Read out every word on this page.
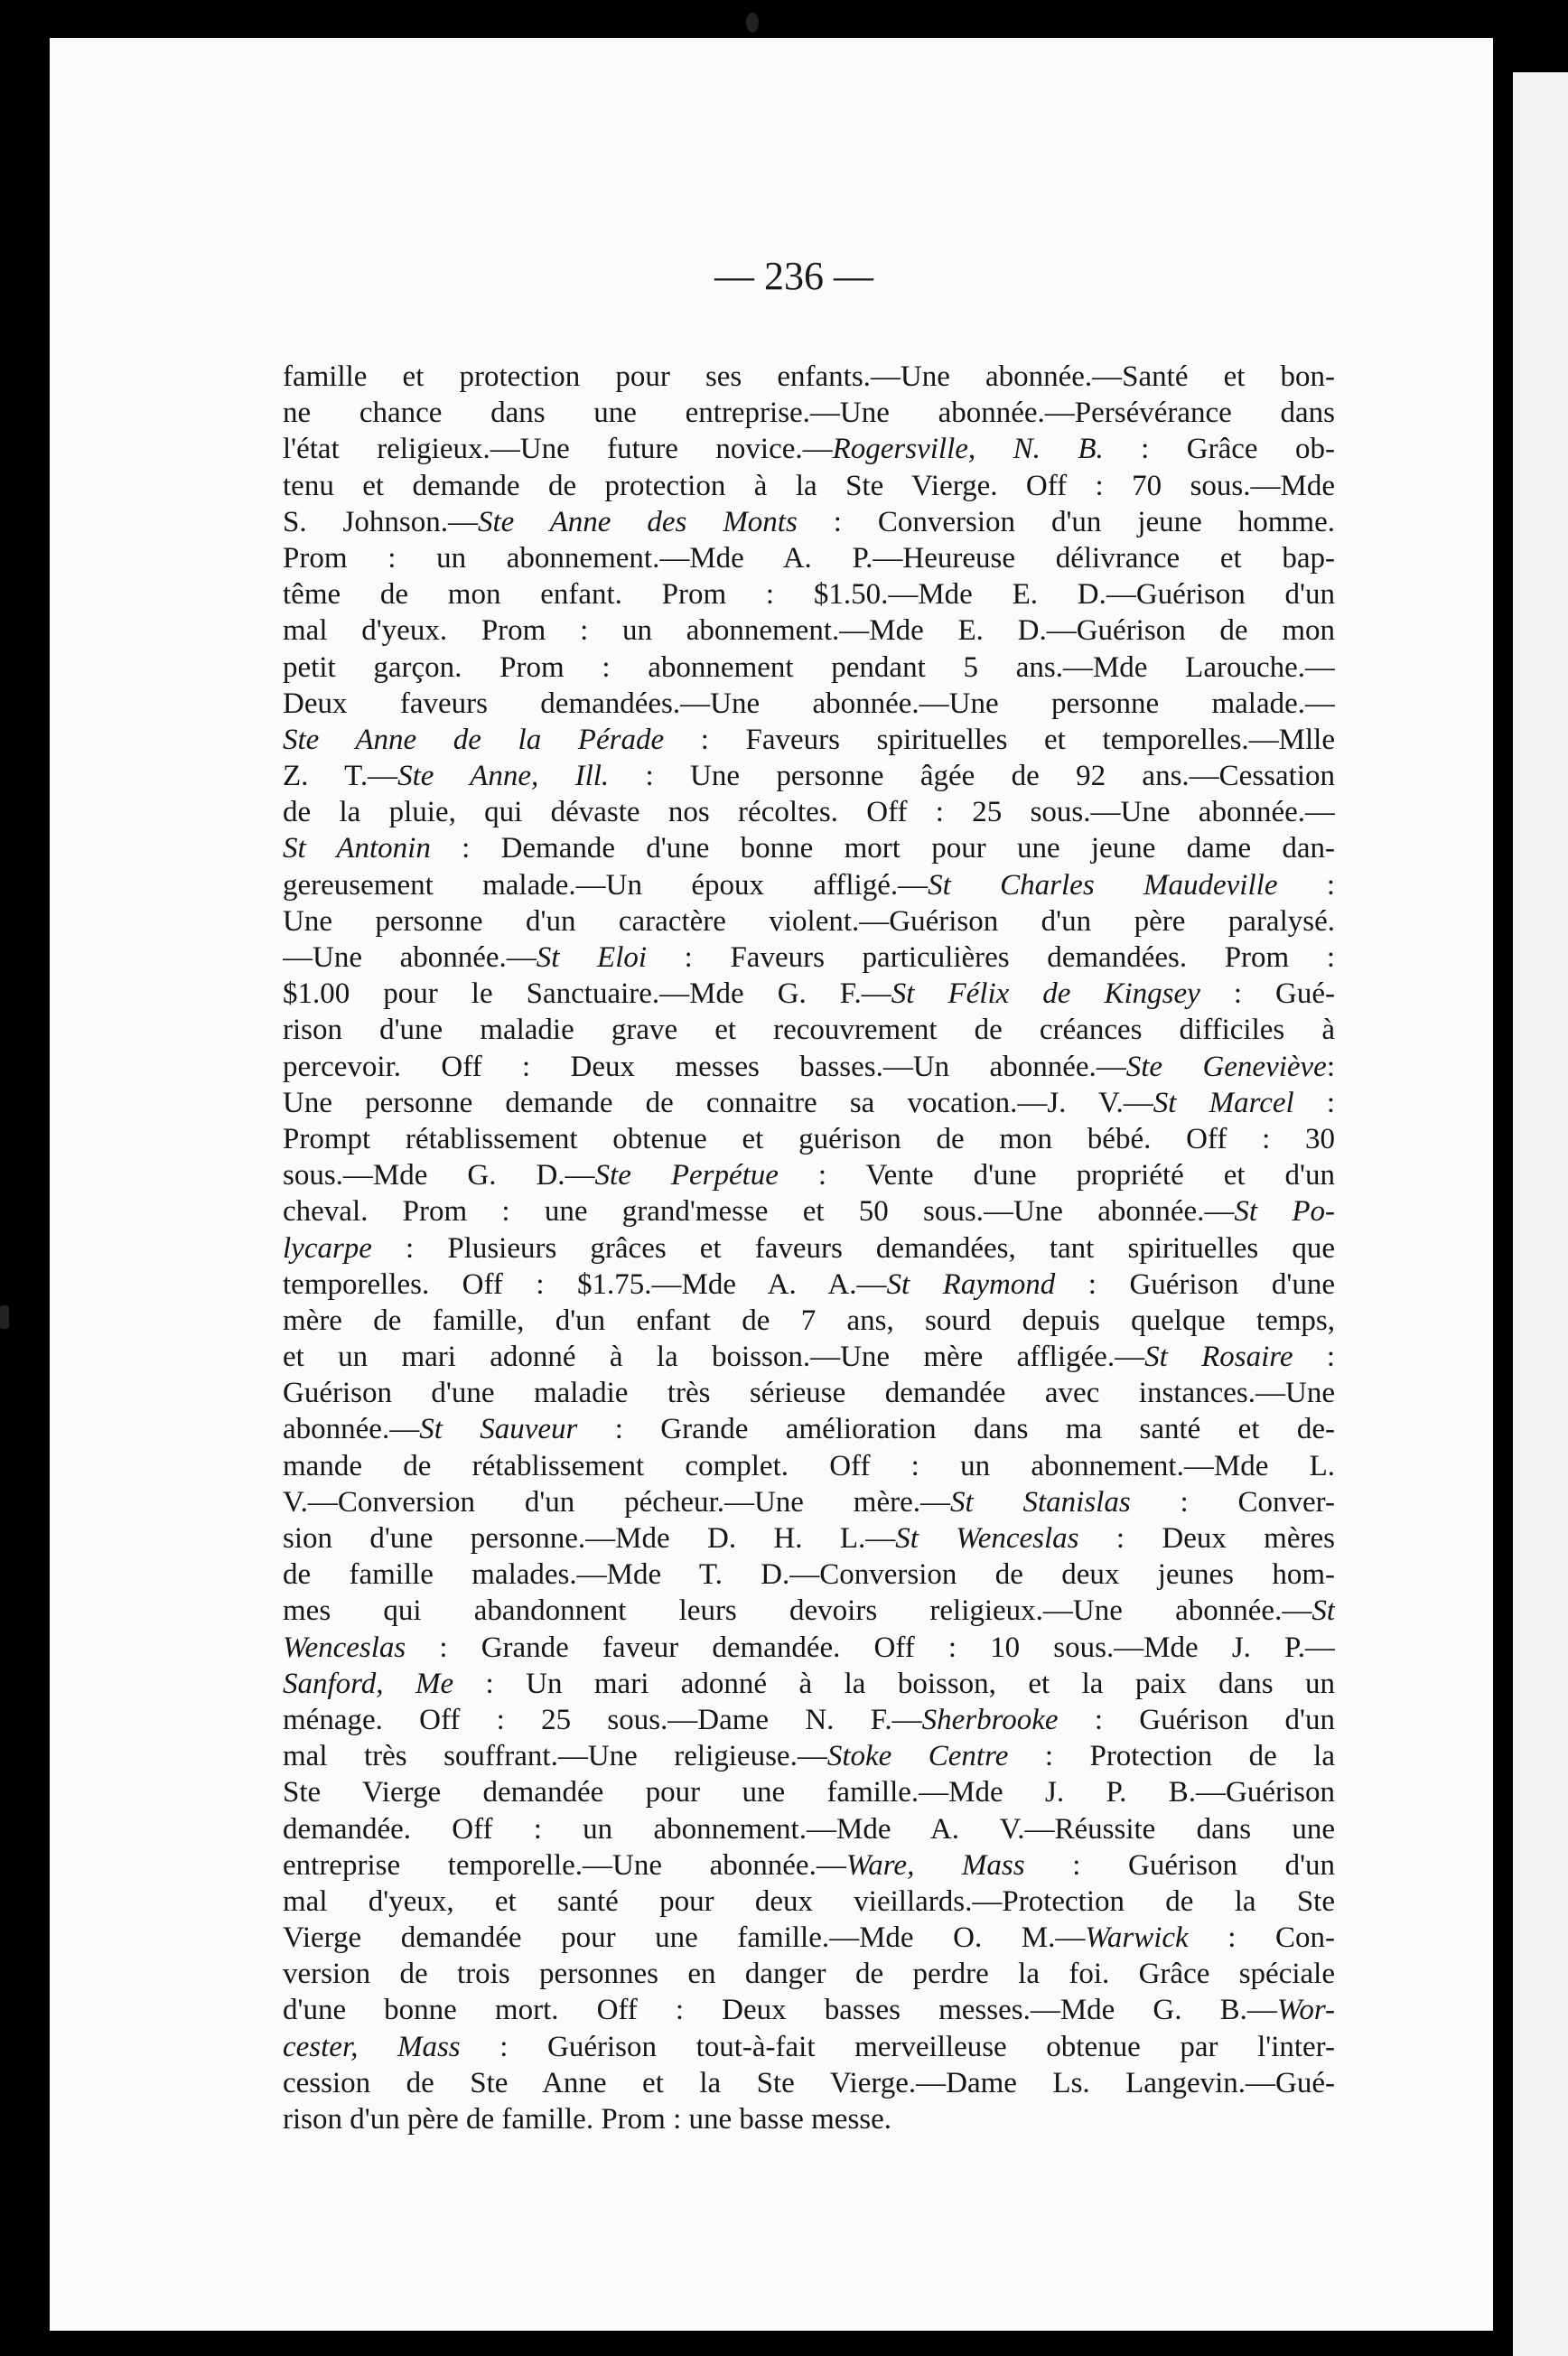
— 236 —
famille et protection pour ses enfants.—Une abonnée.—Santé et bon-
ne chance dans une entreprise.—Une abonnée.—Persévérance dans
l'état religieux.—Une future novice.—Rogersville, N. B. : Grâce ob-
tenu et demande de protection à la Ste Vierge. Off : 70 sous.—Mde
S. Johnson.—Ste Anne des Monts : Conversion d'un jeune homme.
Prom : un abonnement.—Mde A. P.—Heureuse délivrance et bap-
tême de mon enfant. Prom : $1.50.—Mde E. D.—Guérison d'un
mal d'yeux. Prom : un abonnement.—Mde E. D.—Guérison de mon
petit garçon. Prom : abonnement pendant 5 ans.—Mde Larouche.—
Deux faveurs demandées.—Une abonnée.—Une personne malade.—
Ste Anne de la Pérade : Faveurs spirituelles et temporelles.—Mlle
Z. T.—Ste Anne, Ill. : Une personne âgée de 92 ans.—Cessation
de la pluie, qui dévaste nos récoltes. Off : 25 sous.—Une abonnée.—
St Antonin : Demande d'une bonne mort pour une jeune dame dan-
gereusement malade.—Un époux affligé.—St Charles Maudeville :
Une personne d'un caractère violent.—Guérison d'un père paralysé.
—Une abonnée.—St Eloi : Faveurs particulières demandées. Prom :
$1.00 pour le Sanctuaire.—Mde G. F.—St Félix de Kingsey : Gué-
rison d'une maladie grave et recouvrement de créances difficiles à
percevoir. Off : Deux messes basses.—Un abonnée.—Ste Geneviève:
Une personne demande de connaitre sa vocation.—J. V.—St Marcel :
Prompt rétablissement obtenue et guérison de mon bébé. Off : 30
sous.—Mde G. D.—Ste Perpétue : Vente d'une propriété et d'un
cheval. Prom : une grand'messe et 50 sous.—Une abonnée.—St Po-
lycarpe : Plusieurs grâces et faveurs demandées, tant spirituelles que
temporelles. Off : $1.75.—Mde A. A.—St Raymond : Guérison d'une
mère de famille, d'un enfant de 7 ans, sourd depuis quelque temps,
et un mari adonné à la boisson.—Une mère affligée.—St Rosaire :
Guérison d'une maladie très sérieuse demandée avec instances.—Une
abonnée.—St Sauveur : Grande amélioration dans ma santé et de-
mande de rétablissement complet. Off : un abonnement.—Mde L.
V.—Conversion d'un pécheur.—Une mère.—St Stanislas : Conver-
sion d'une personne.—Mde D. H. L.—St Wenceslas : Deux mères
de famille malades.—Mde T. D.—Conversion de deux jeunes hom-
mes qui abandonnent leurs devoirs religieux.—Une abonnée.—St
Wenceslas : Grande faveur demandée. Off : 10 sous.—Mde J. P.—
Sanford, Me : Un mari adonné à la boisson, et la paix dans un
ménage. Off : 25 sous.—Dame N. F.—Sherbrooke : Guérison d'un
mal très souffrant.—Une religieuse.—Stoke Centre : Protection de la
Ste Vierge demandée pour une famille.—Mde J. P. B.—Guérison
demandée. Off : un abonnement.—Mde A. V.—Réussite dans une
entreprise temporelle.—Une abonnée.—Ware, Mass : Guérison d'un
mal d'yeux, et santé pour deux vieillards.—Protection de la Ste
Vierge demandée pour une famille.—Mde O. M.—Warwick : Con-
version de trois personnes en danger de perdre la foi. Grâce spéciale
d'une bonne mort. Off : Deux basses messes.—Mde G. B.—Wor-
cester, Mass : Guérison tout-à-fait merveilleuse obtenue par l'inter-
cession de Ste Anne et la Ste Vierge.—Dame Ls. Langevin.—Gué-
rison d'un père de famille. Prom : une basse messe.
